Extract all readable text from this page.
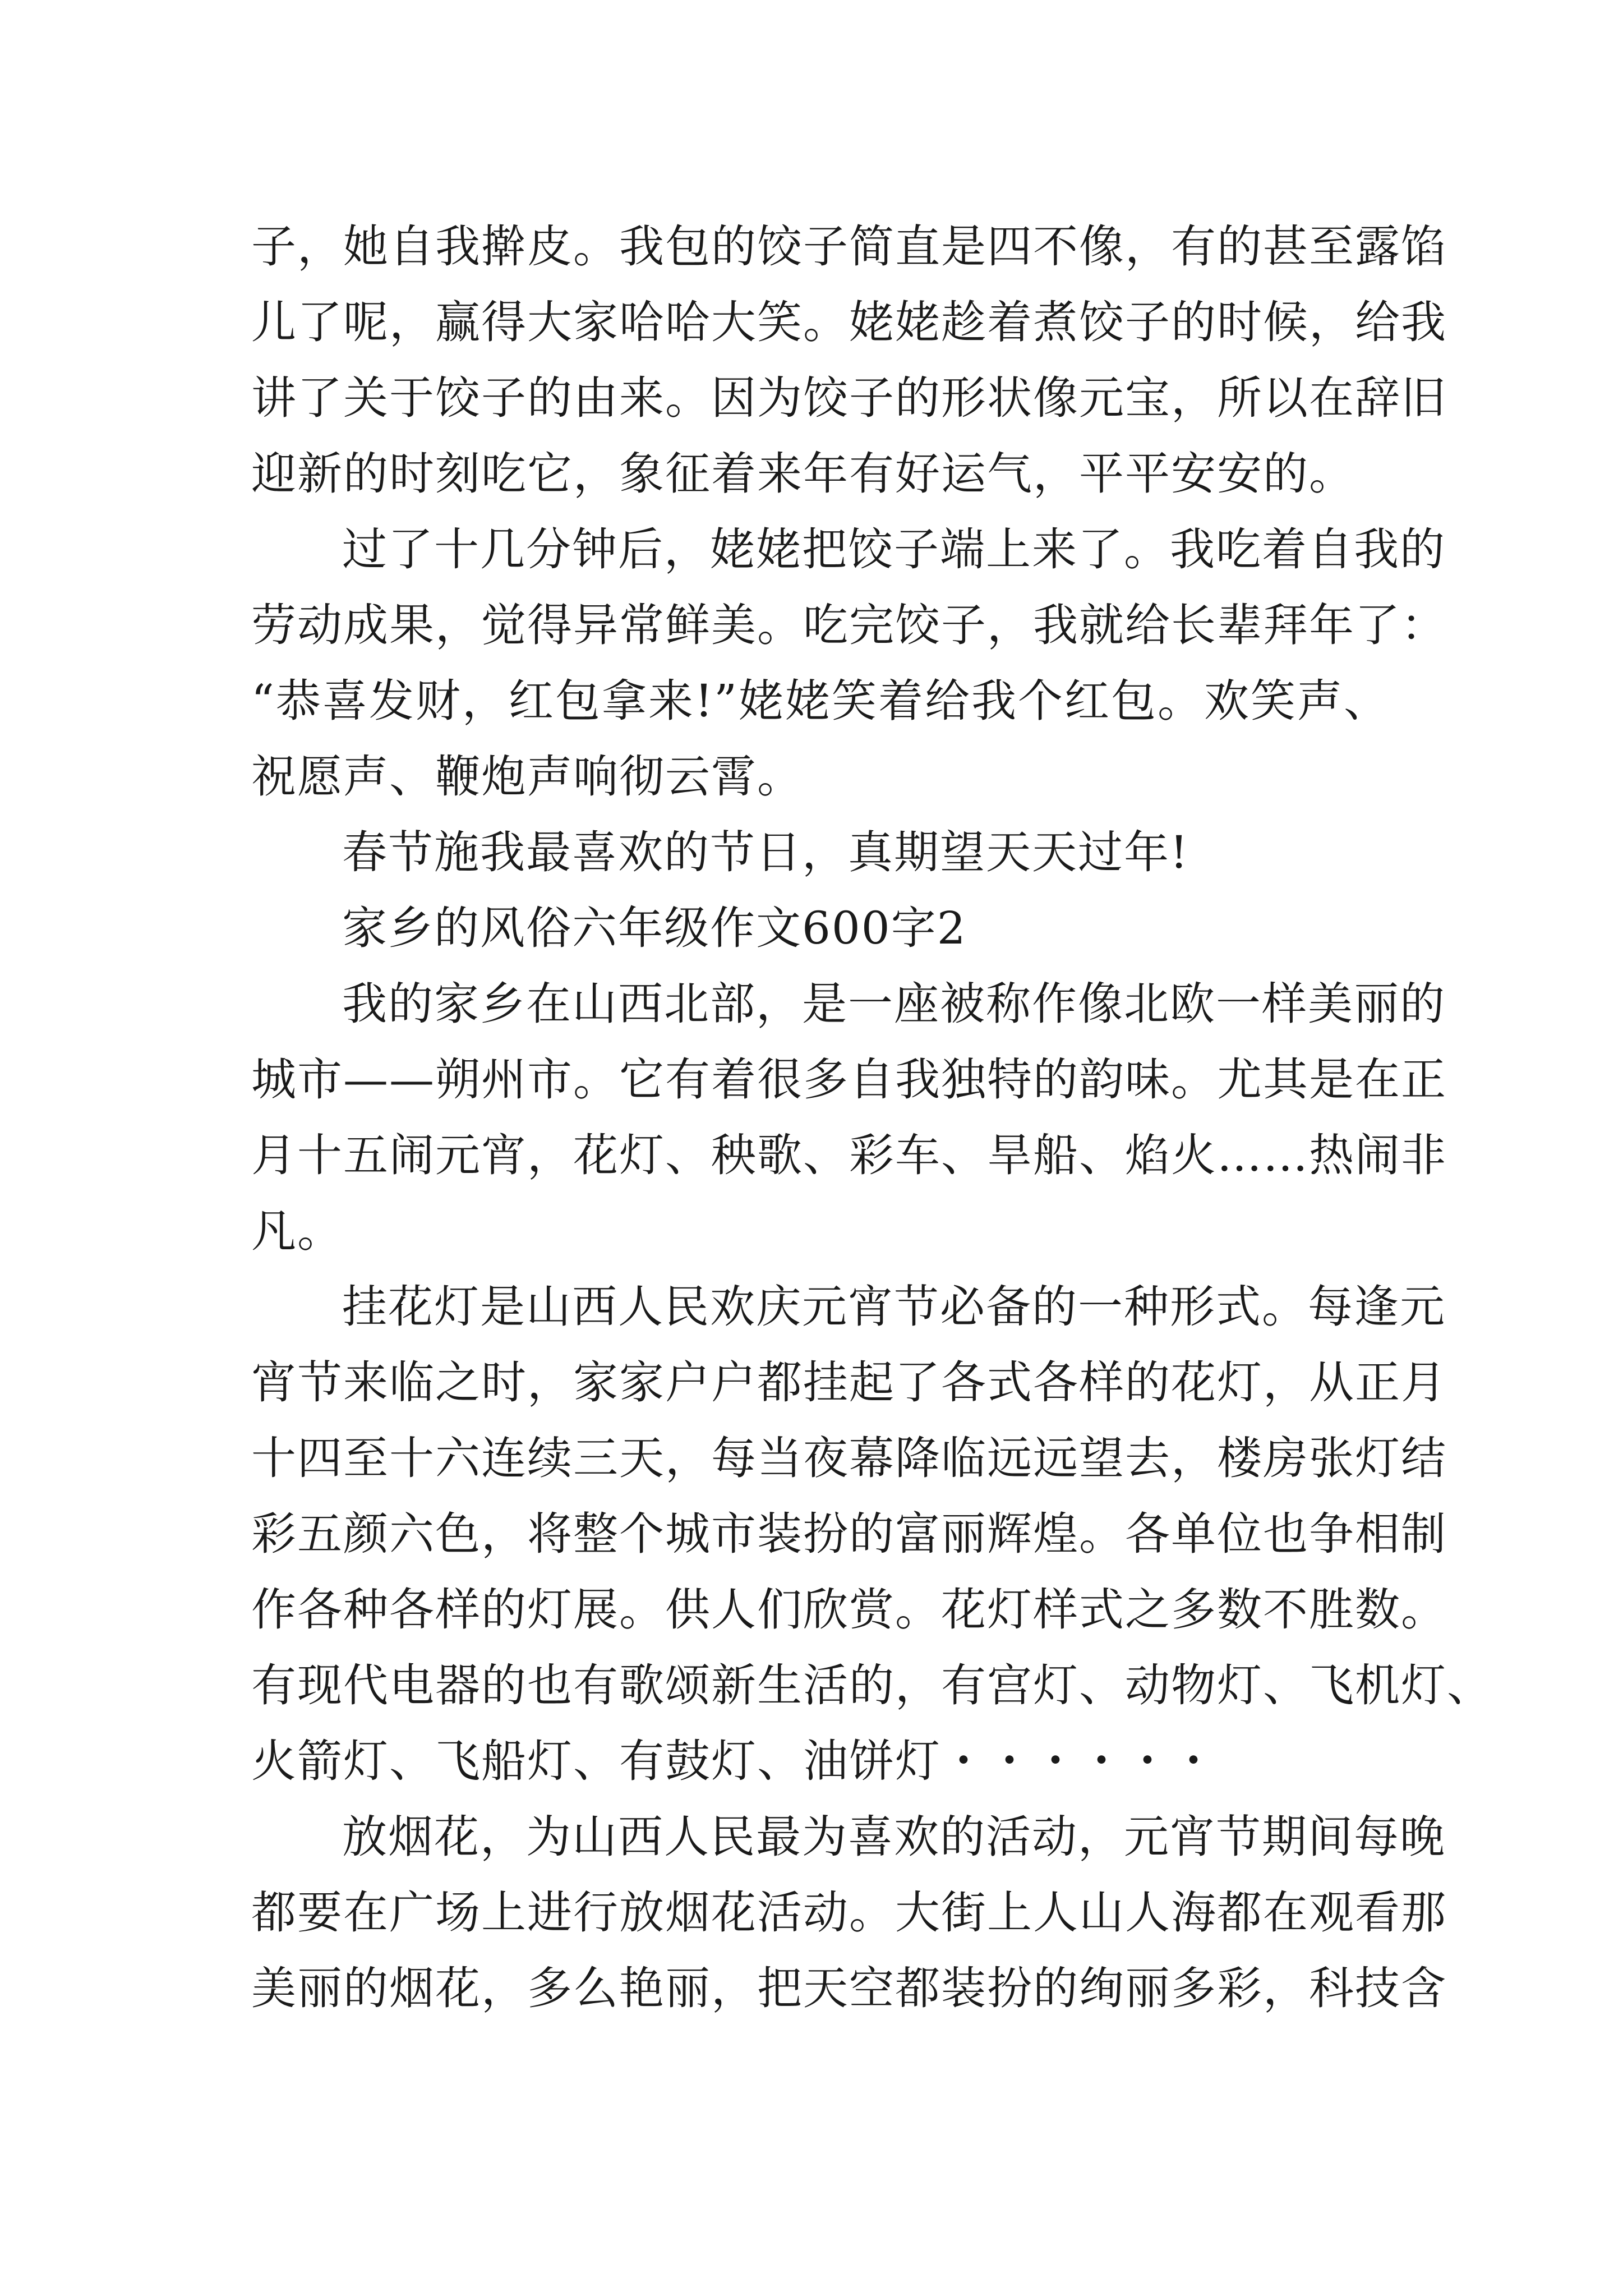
子，她自我擀皮。我包的饺子简直是四不像，有的甚至露馅
儿了呢，赢得大家哈哈大笑。姥姥趁着煮饺子的时候，给我
讲了关于饺子的由来。因为饺子的形状像元宝，所以在辞旧
迎新的时刻吃它，象征着来年有好运气，平平安安的。
过了十几分钟后，姥姥把饺子端上来了。我吃着自我的
劳动成果，觉得异常鲜美。吃完饺子，我就给长辈拜年了：
“恭喜发财，红包拿来!”姥姥笑着给我个红包。欢笑声、
祝愿声、鞭炮声响彻云霄。
春节施我最喜欢的节日，真期望天天过年!
家乡的风俗六年级作文600字2
我的家乡在山西北部，是一座被称作像北欧一样美丽的
城市——朔州市。它有着很多自我独特的韵味。尤其是在正
月十五闹元宵，花灯、秧歌、彩车、旱船、焰火……热闹非
凡。
挂花灯是山西人民欢庆元宵节必备的一种形式。每逢元
宵节来临之时，家家户户都挂起了各式各样的花灯，从正月
十四至十六连续三天，每当夜幕降临远远望去，楼房张灯结
彩五颜六色，将整个城市装扮的富丽辉煌。各单位也争相制
作各种各样的灯展。供人们欣赏。花灯样式之多数不胜数。
有现代电器的也有歌颂新生活的，有宫灯、动物灯、飞机灯、
火箭灯、飞船灯、有鼓灯、油饼灯・・・・・・
放烟花，为山西人民最为喜欢的活动，元宵节期间每晚
都要在广场上进行放烟花活动。大街上人山人海都在观看那
美丽的烟花，多么艳丽，把天空都装扮的绚丽多彩，科技含
